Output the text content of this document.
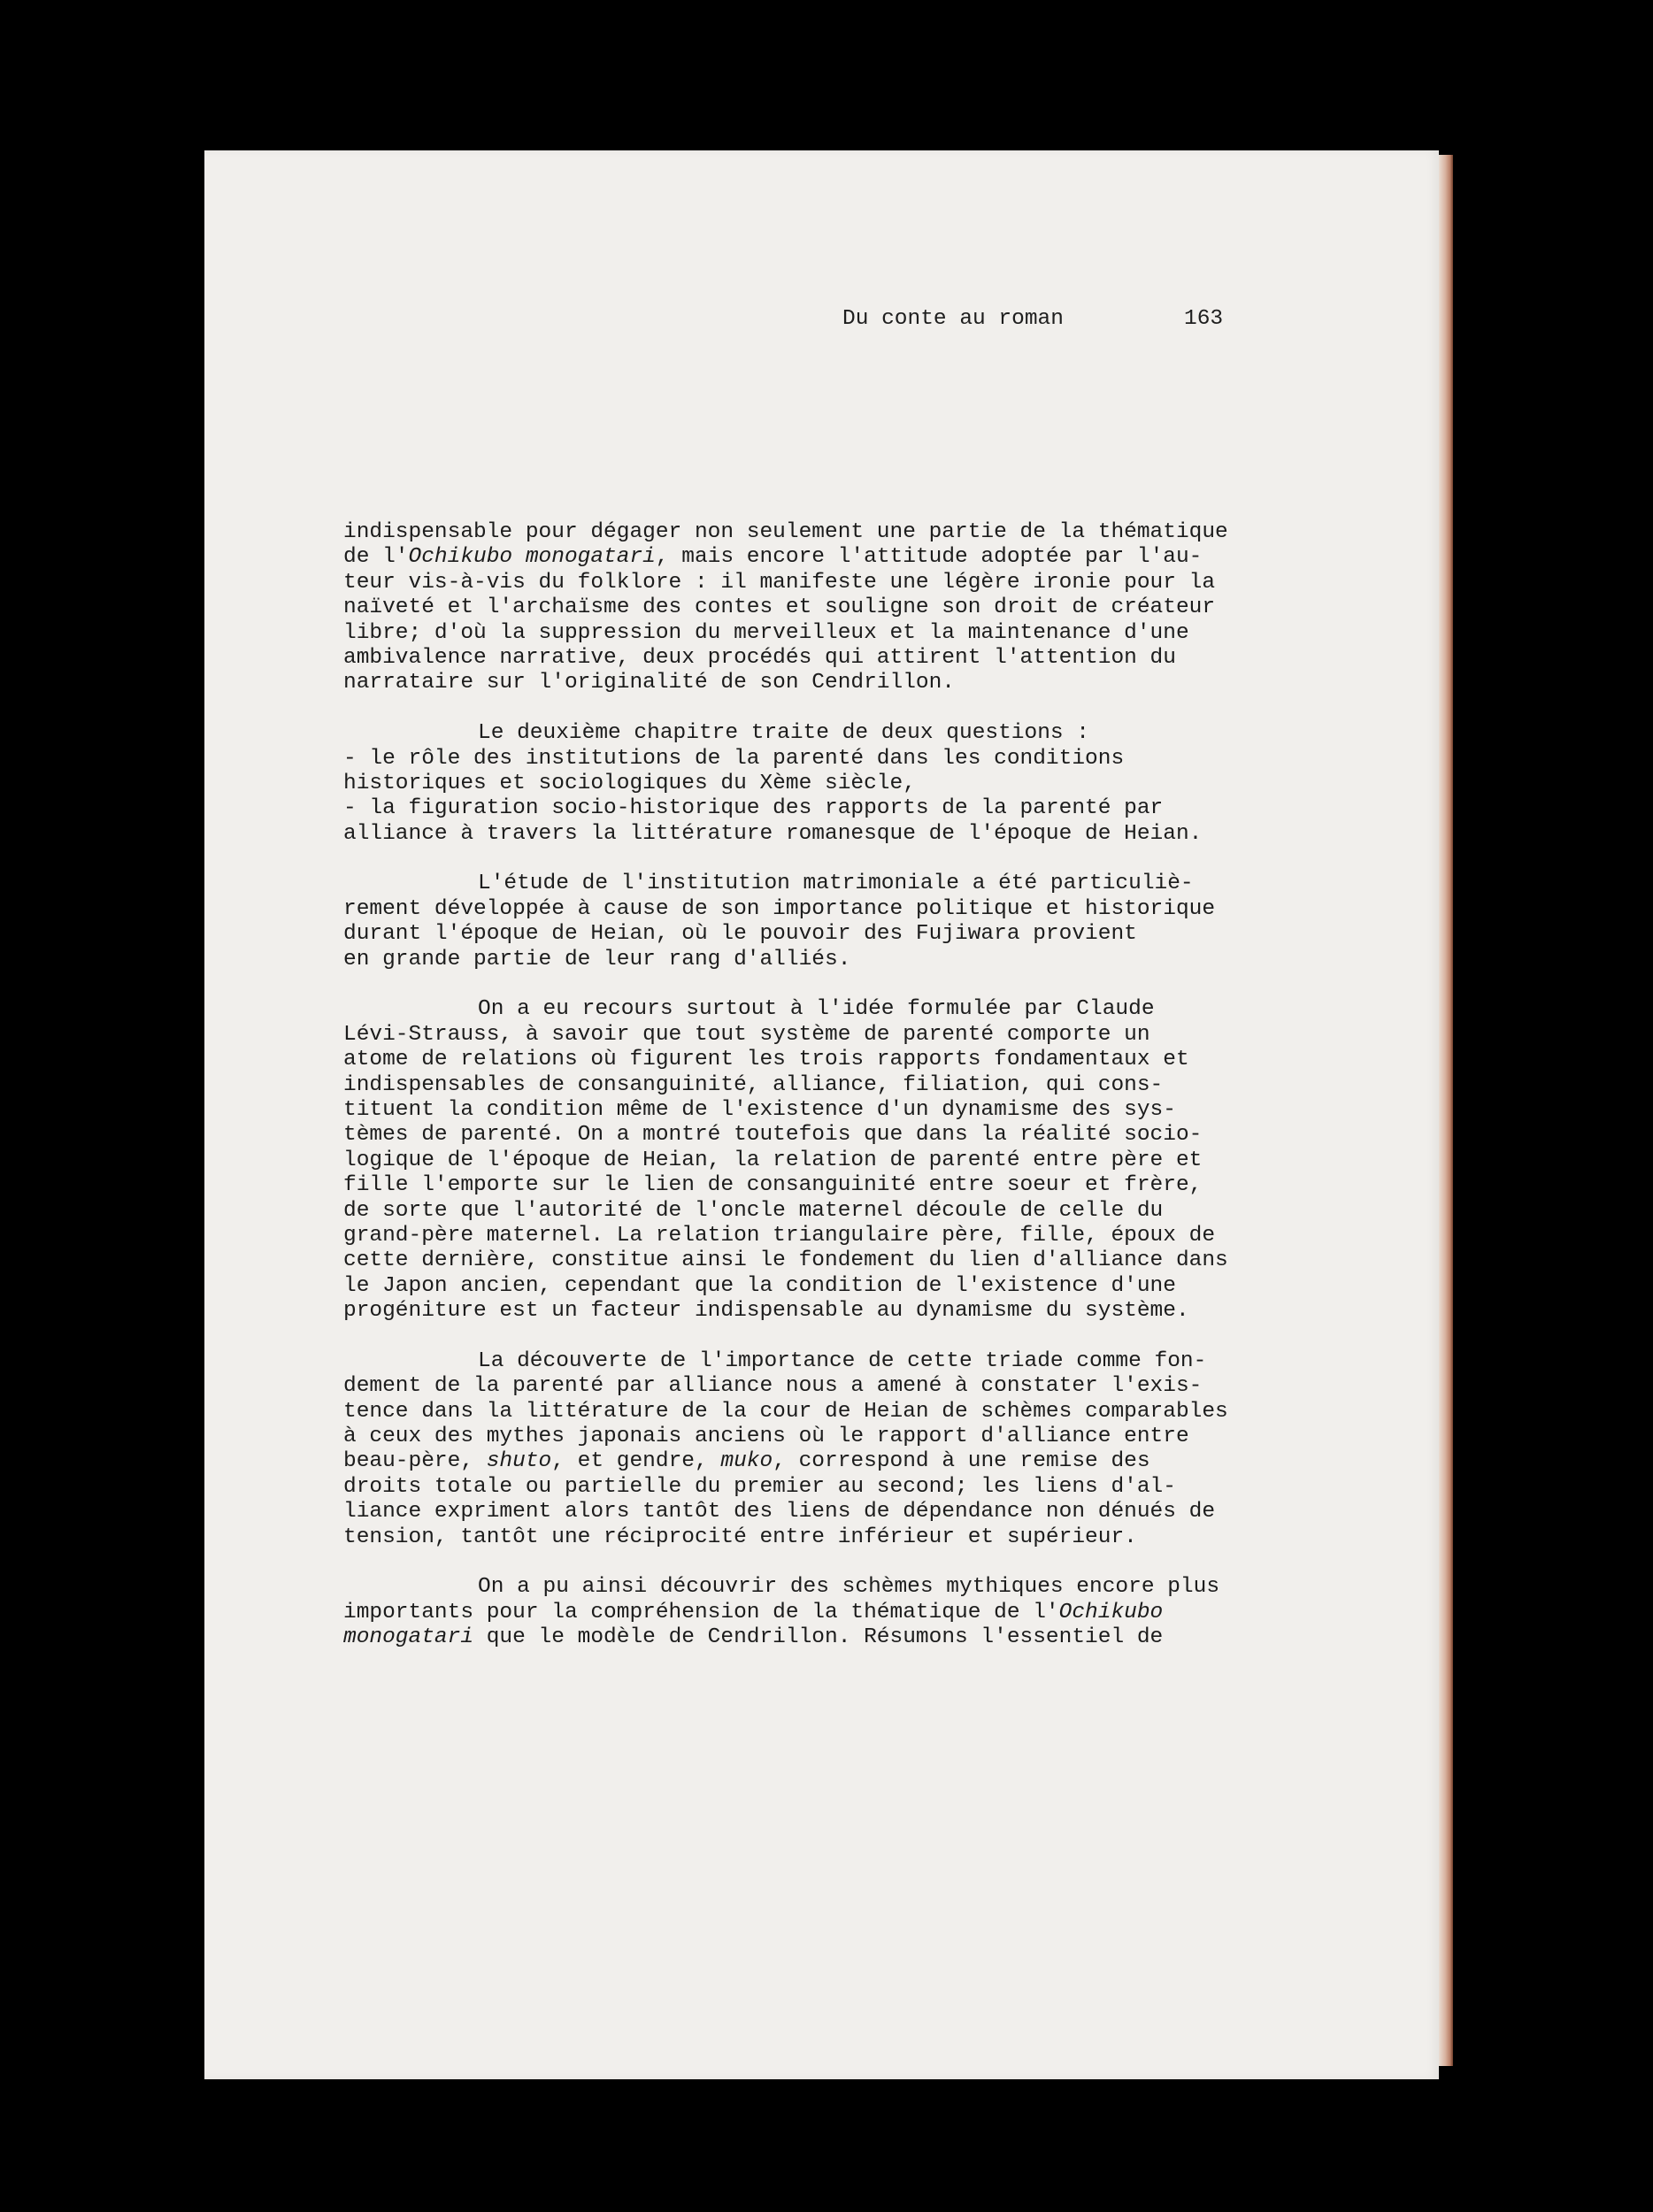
Du conte au roman	163
indispensable pour dégager non seulement une partie de la thématique
de l'Ochikubo monogatari, mais encore l'attitude adoptée par l'au-
teur vis-à-vis du folklore : il manifeste une légère ironie pour la
naïveté et l'archaïsme des contes et souligne son droit de créateur
libre; d'où la suppression du merveilleux et la maintenance d'une
ambivalence narrative, deux procédés qui attirent l'attention du
narrataire sur l'originalité de son Cendrillon.
Le deuxième chapitre traite de deux questions :
- le rôle des institutions de la parenté dans les conditions
historiques et sociologiques du Xème siècle,
- la figuration socio-historique des rapports de la parenté par
alliance à travers la littérature romanesque de l'époque de Heian.
L'étude de l'institution matrimoniale a été particuliè-
rement développée à cause de son importance politique et historique
durant l'époque de Heian, où le pouvoir des Fujiwara provient
en grande partie de leur rang d'alliés.
On a eu recours surtout à l'idée formulée par Claude
Lévi-Strauss, à savoir que tout système de parenté comporte un
atome de relations où figurent les trois rapports fondamentaux et
indispensables de consanguinité, alliance, filiation, qui cons-
tituent la condition même de l'existence d'un dynamisme des sys-
tèmes de parenté. On a montré toutefois que dans la réalité socio-
logique de l'époque de Heian, la relation de parenté entre père et
fille l'emporte sur le lien de consanguinité entre soeur et frère,
de sorte que l'autorité de l'oncle maternel découle de celle du
grand-père maternel. La relation triangulaire père, fille, époux de
cette dernière, constitue ainsi le fondement du lien d'alliance dans
le Japon ancien, cependant que la condition de l'existence d'une
progéniture est un facteur indispensable au dynamisme du système.
La découverte de l'importance de cette triade comme fon-
dement de la parenté par alliance nous a amené à constater l'exis-
tence dans la littérature de la cour de Heian de schèmes comparables
à ceux des mythes japonais anciens où le rapport d'alliance entre
beau-père, shuto, et gendre, muko, correspond à une remise des
droits totale ou partielle du premier au second; les liens d'al-
liance expriment alors tantôt des liens de dépendance non dénués de
tension, tantôt une réciprocité entre inférieur et supérieur.
On a pu ainsi découvrir des schèmes mythiques encore plus
importants pour la compréhension de la thématique de l'Ochikubo
monogatari que le modèle de Cendrillon. Résumons l'essentiel de
